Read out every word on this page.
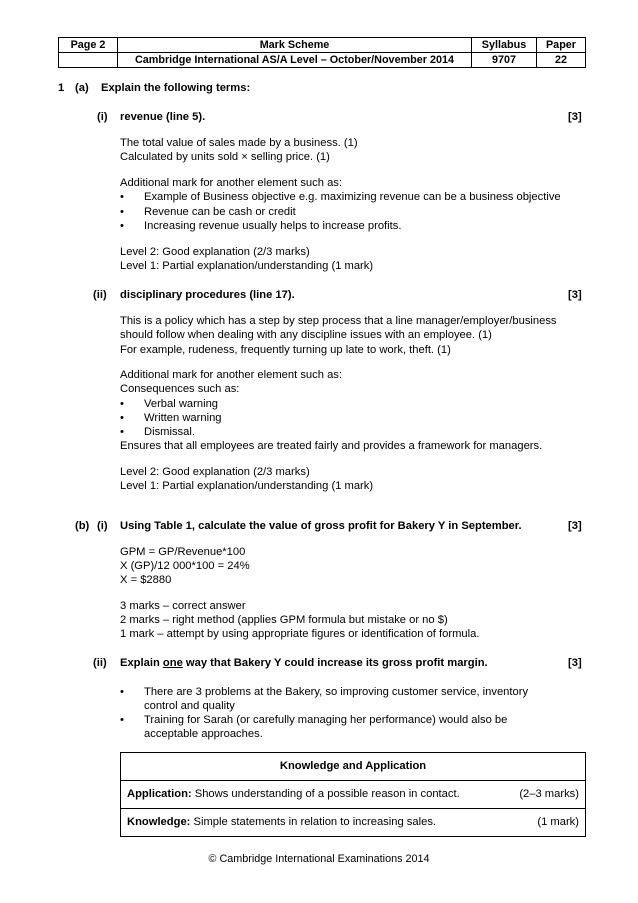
Page 2	Mark Scheme	Syllabus	Paper
	Cambridge International AS/A Level – October/November 2014	9707	22
1 (a) Explain the following terms:
(i) revenue (line 5).	[3]
The total value of sales made by a business. (1)
Calculated by units sold × selling price. (1)
Additional mark for another element such as:
• Example of Business objective e.g. maximizing revenue can be a business objective
• Revenue can be cash or credit
• Increasing revenue usually helps to increase profits.
Level 2: Good explanation (2/3 marks)
Level 1: Partial explanation/understanding (1 mark)
(ii) disciplinary procedures (line 17).	[3]
This is a policy which has a step by step process that a line manager/employer/business
should follow when dealing with any discipline issues with an employee. (1)
For example, rudeness, frequently turning up late to work, theft. (1)
Additional mark for another element such as:
Consequences such as:
• Verbal warning
• Written warning
• Dismissal.
Ensures that all employees are treated fairly and provides a framework for managers.
Level 2: Good explanation (2/3 marks)
Level 1: Partial explanation/understanding (1 mark)
(b) (i) Using Table 1, calculate the value of gross profit for Bakery Y in September.	[3]
GPM = GP/Revenue*100
X (GP)/12 000*100 = 24%
X = $2880
3 marks – correct answer
2 marks – right method (applies GPM formula but mistake or no $)
1 mark – attempt by using appropriate figures or identification of formula.
(ii) Explain one way that Bakery Y could increase its gross profit margin.	[3]
• There are 3 problems at the Bakery, so improving customer service, inventory
control and quality
• Training for Sarah (or carefully managing her performance) would also be
acceptable approaches.
Knowledge and Application
Application: Shows understanding of a possible reason in contact.	(2–3 marks)

Knowledge: Simple statements in relation to increasing sales.	(1 mark)
© Cambridge International Examinations 2014
